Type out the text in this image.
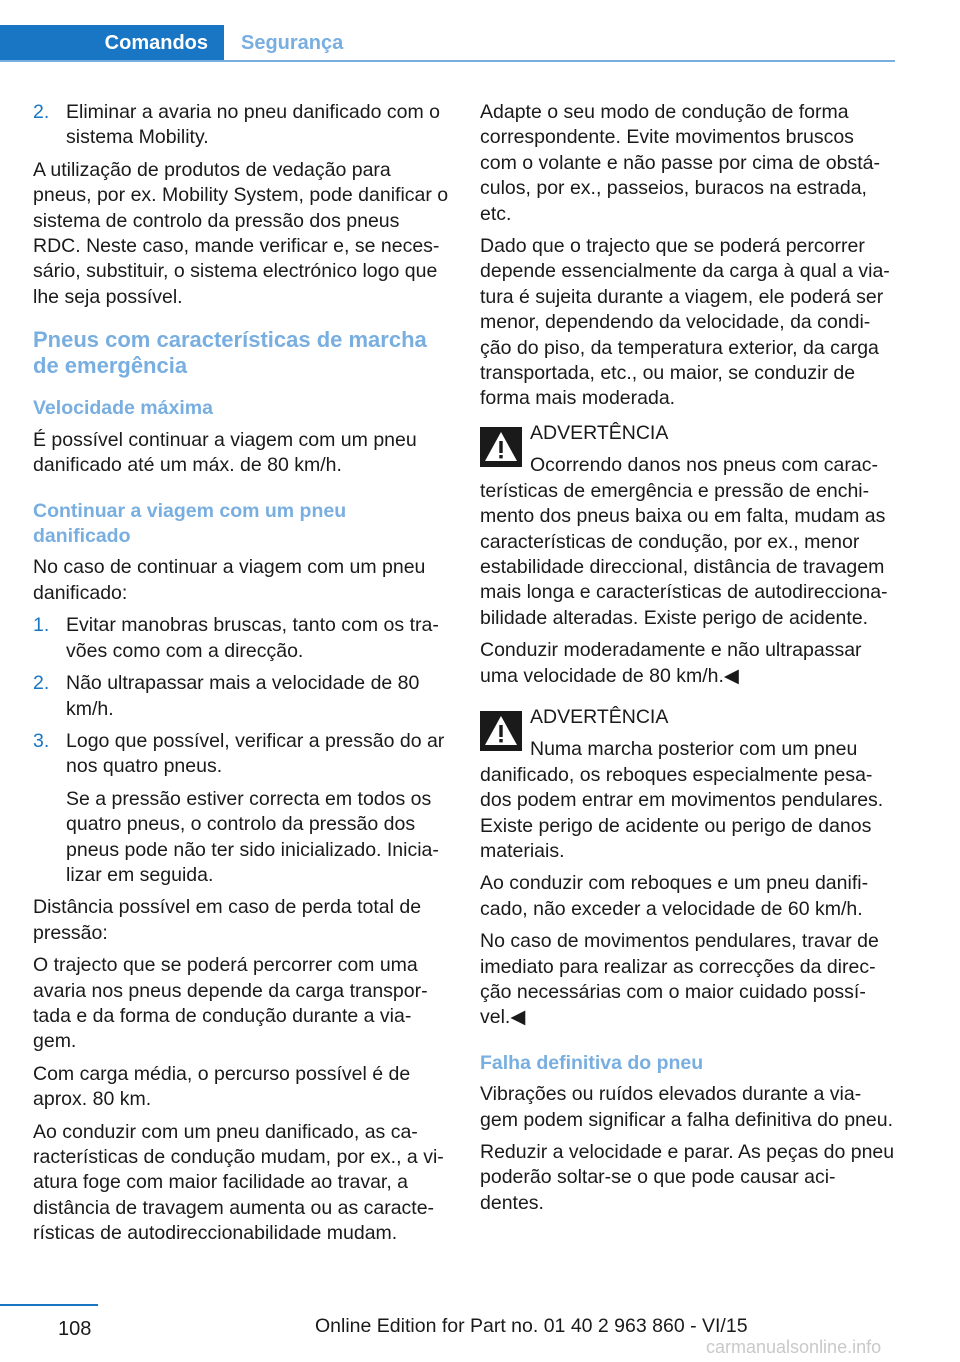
Comandos	Segurança
2. Eliminar a avaria no pneu danificado com o sistema Mobility.

A utilização de produtos de vedação para pneus, por ex. Mobility System, pode danificar o sistema de controlo da pressão dos pneus RDC. Neste caso, mande verificar e, se neces‐ sário, substituir, o sistema electrónico logo que lhe seja possível.

Pneus com características de marcha de emergência
Velocidade máxima

É possível continuar a viagem com um pneu danificado até um máx. de 80 km/h.

Continuar a viagem com um pneu danificado

No caso de continuar a viagem com um pneu danificado:

1. Evitar manobras bruscas, tanto com os tra‐ vões como com a direcção.
2. Não ultrapassar mais a velocidade de 80 km/h.
3. Logo que possível, verificar a pressão do ar nos quatro pneus.

Se a pressão estiver correcta em todos os quatro pneus, o controlo da pressão dos pneus pode não ter sido inicializado. Inicia‐ lizar em seguida.

Distância possível em caso de perda total de pressão:

O trajecto que se poderá percorrer com uma avaria nos pneus depende da carga transpor‐ tada e da forma de condução durante a via‐ gem.

Com carga média, o percurso possível é de aprox. 80 km.

Ao conduzir com um pneu danificado, as ca‐ racterísticas de condução mudam, por ex., a vi‐ atura foge com maior facilidade ao travar, a distância de travagem aumenta ou as caracte‐ rísticas de autodireccionabilidade mudam.

Adapte o seu modo de condução de forma correspondente. Evite movimentos bruscos com o volante e não passe por cima de obstá‐ culos, por ex., passeios, buracos na estrada, etc.

Dado que o trajecto que se poderá percorrer depende essencialmente da carga à qual a via‐ tura é sujeita durante a viagem, ele poderá ser menor, dependendo da velocidade, da condi‐ ção do piso, da temperatura exterior, da carga transportada, etc., ou maior, se conduzir de forma mais moderada.

ADVERTÊNCIA
Ocorrendo danos nos pneus com carac‐
terísticas de emergência e pressão de enchi‐ mento dos pneus baixa ou em falta, mudam as características de condução, por ex., menor estabilidade direccional, distância de travagem mais longa e características de autodirecciona‐ bilidade alteradas. Existe perigo de acidente.

Conduzir moderadamente e não ultrapassar uma velocidade de 80 km/h.◀

ADVERTÊNCIA
Numa marcha posterior com um pneu
danificado, os reboques especialmente pesa‐ dos podem entrar em movimentos pendulares. Existe perigo de acidente ou perigo de danos materiais.

Ao conduzir com reboques e um pneu danifi‐ cado, não exceder a velocidade de 60 km/h.

No caso de movimentos pendulares, travar de imediato para realizar as correcções da direc‐ ção necessárias com o maior cuidado possí‐ vel.◀

Falha definitiva do pneu

Vibrações ou ruídos elevados durante a via‐ gem podem significar a falha definitiva do pneu.

Reduzir a velocidade e parar. As peças do pneu poderão soltar-se o que pode causar aci‐ dentes.

108	Online Edition for Part no. 01 40 2 963 860 - VI/15
carmanualsonline.info
